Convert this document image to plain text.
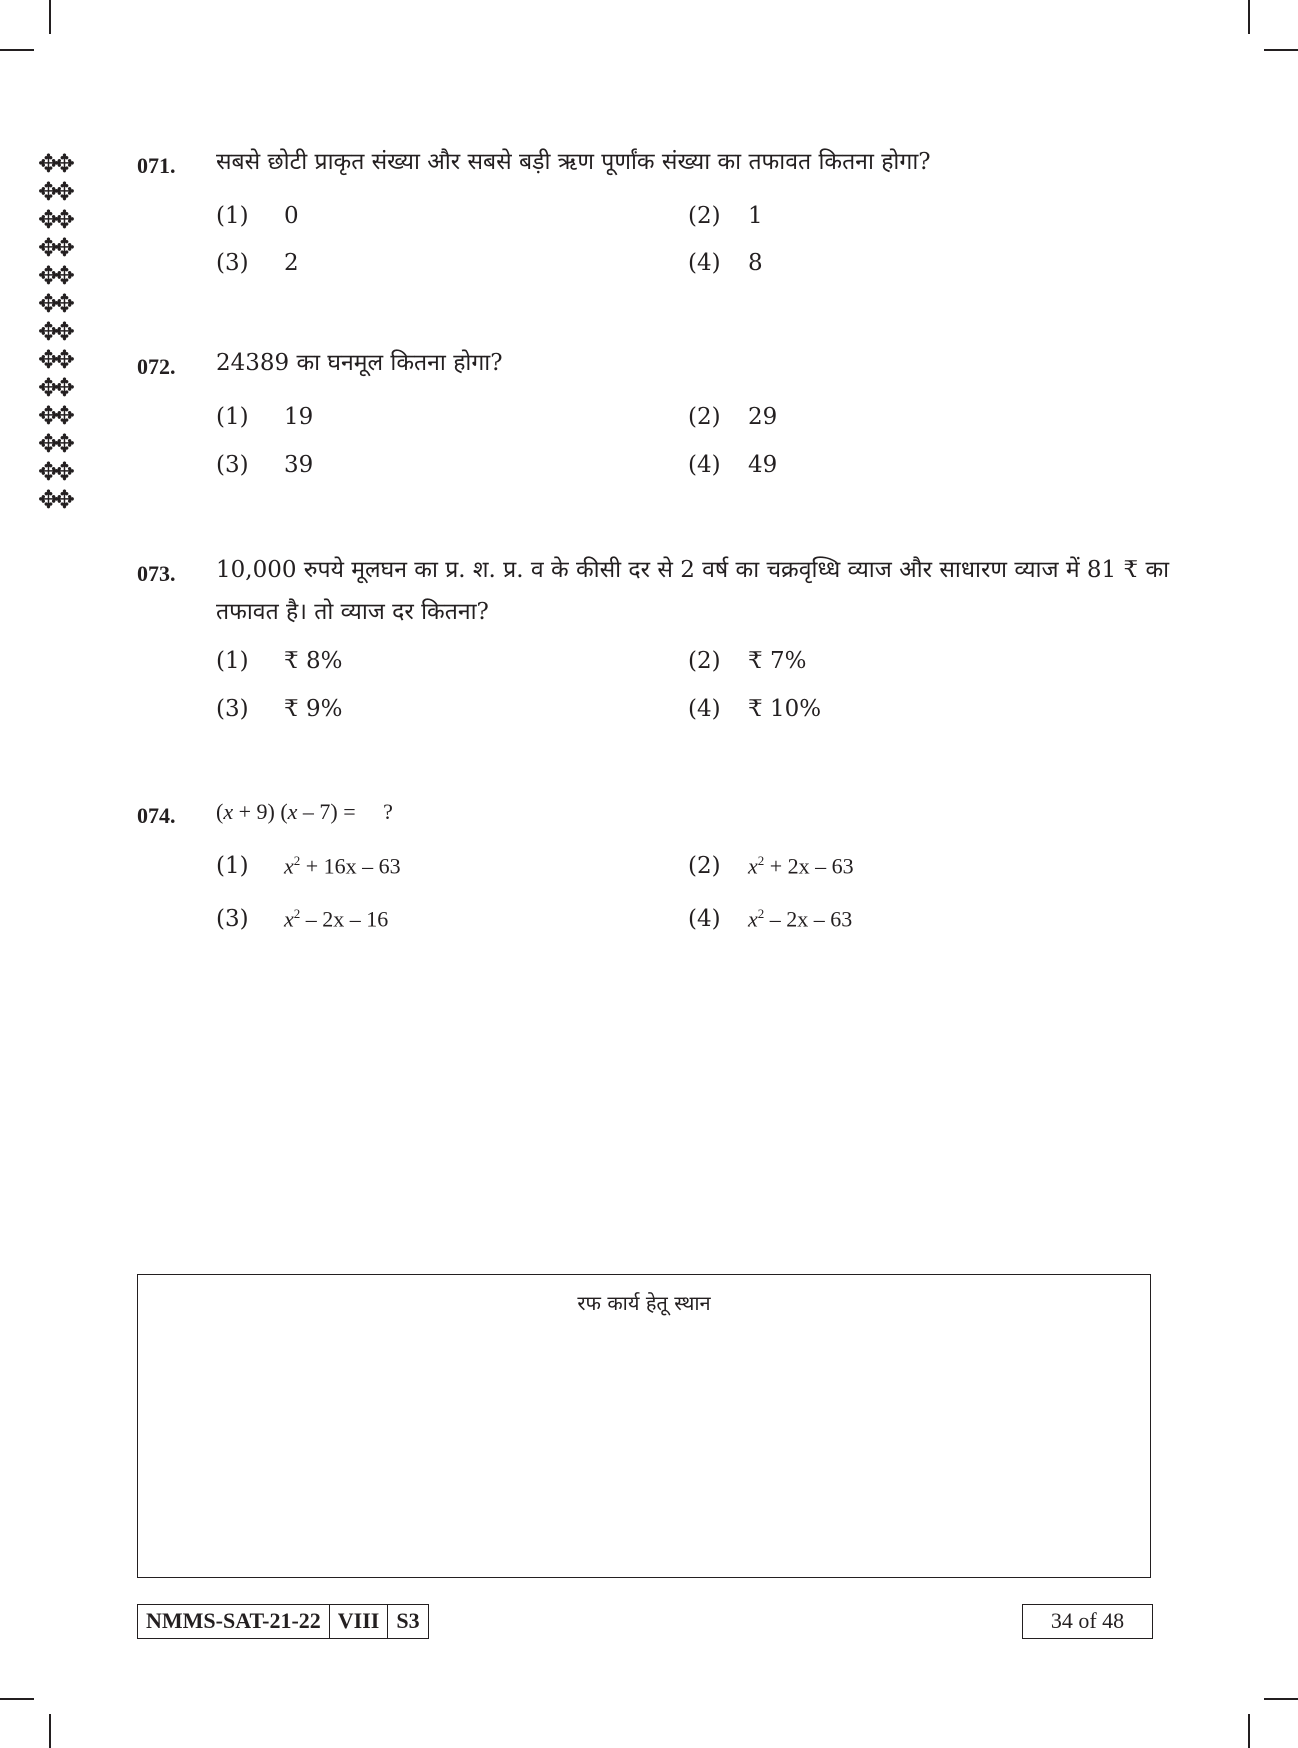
✥✥
✥✥
✥✥
✥✥
✥✥
✥✥
✥✥
✥✥
✥✥
✥✥
✥✥
✥✥
✥✥
071. सबसे छोटी प्राकृत संख्या और सबसे बड़ी ऋण पूर्णांक संख्या का तफावत कितना होगा?
(1) 0	(2) 1
(3) 2	(4) 8
072. 24389 का घनमूल कितना होगा?
(1) 19	(2) 29
(3) 39	(4) 49
073. 10,000 रुपये मूलघन का प्र. श. प्र. व के कीसी दर से 2 वर्ष का चक्रवृध्धि व्याज और साधारण व्याज में 81 ₹ का तफावत है। तो व्याज दर कितना?
(1) ₹ 8%	(2) ₹ 7%
(3) ₹ 9%	(4) ₹ 10%
074. (x + 9) (x – 7) =     ?
(1) $x^2 + 16x - 63$	(2) $x^2 + 2x - 63$
(3) $x^2 - 2x - 16$	(4) $x^2 - 2x - 63$
रफ कार्य हेतू स्थान
NMMS-SAT-21-22 VIII S3	34 of 48
